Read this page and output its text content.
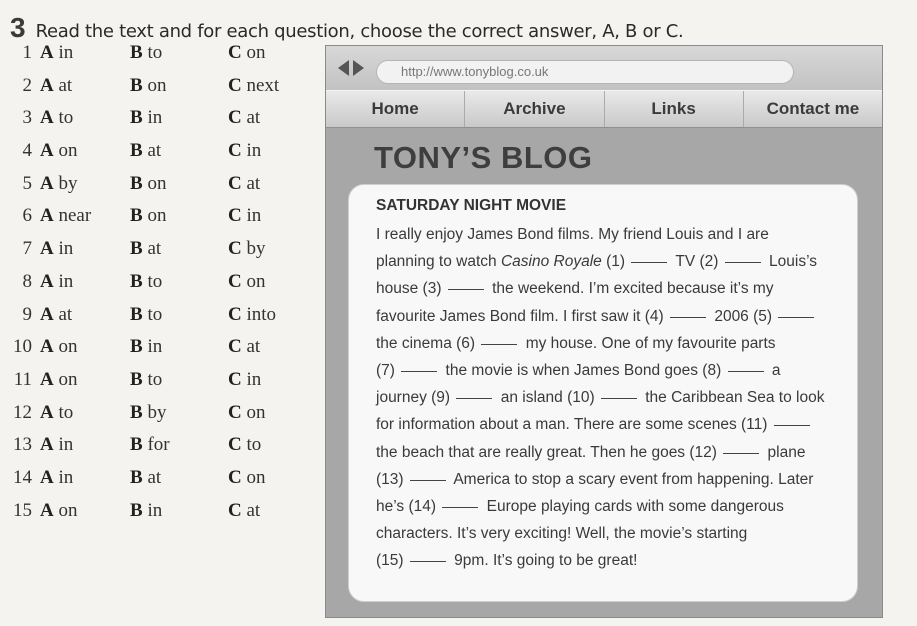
3 Read the text and for each question, choose the correct answer, A, B or C.
1 A in	B to	C on
2 A at	B on	C next
3 A to	B in	C at
4 A on	B at	C in
5 A by	B on	C at
6 A near B on	C in
7 A in	B at	C by
8 A in	B to	C on
9 A at	B to	C into
10 A on	B in	C at
11 A on	B to	C in
12 A to	B by	C on
13 A in	B for	C to
14 A in	B at	C on
15 A on	B in	C at
http://www.tonyblog.co.uk
Home	Archive	Links	Contact me
TONY’S BLOG
SATURDAY NIGHT MOVIE

I really enjoy James Bond films. My friend Louis and I are

planning to watch Casino Royale (1)	TV (2)	Louis’s

house (3)	the weekend. I’m excited because it’s my

favourite James Bond film. I first saw it (4)	2006 (5)

the cinema (6)	my house. One of my favourite parts

(7)	the movie is when James Bond goes (8)	a

journey (9)	an island (10)	the Caribbean Sea to look

for information about a man. There are some scenes (11)

the beach that are really great. Then he goes (12)	plane

(13)	America to stop a scary event from happening. Later

he’s (14)	Europe playing cards with some dangerous

characters. It’s very exciting! Well, the movie’s starting

(15)	9pm. It’s going to be great!
